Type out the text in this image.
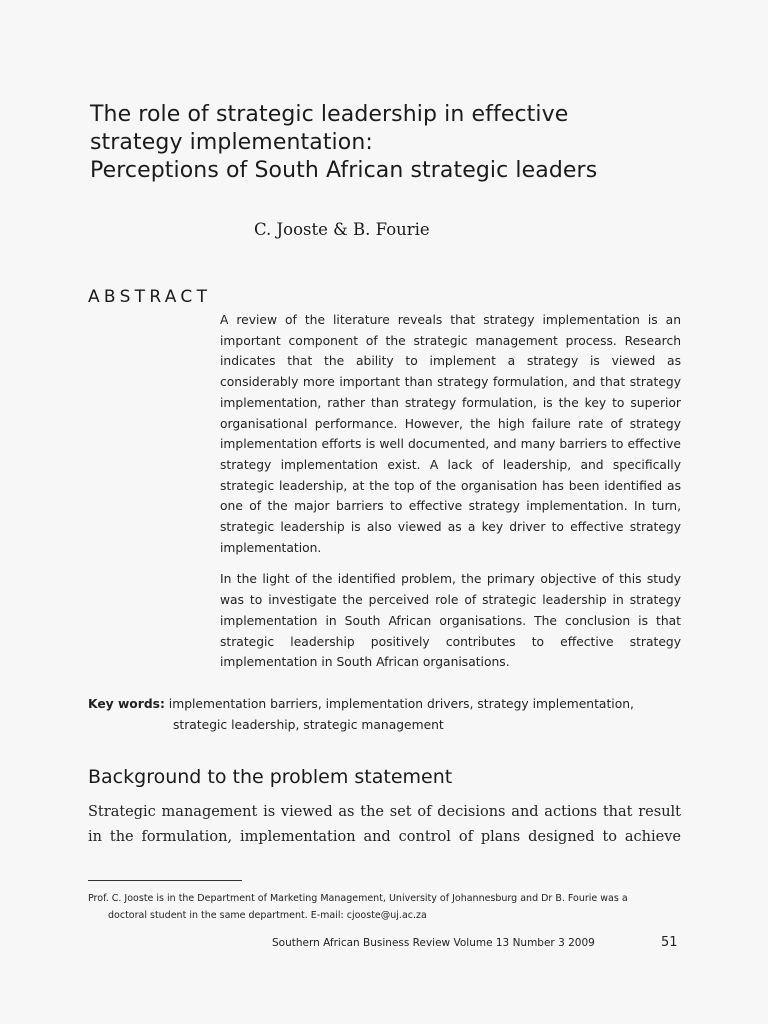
The role of strategic leadership in effective
strategy implementation:
Perceptions of South African strategic leaders
C. Jooste & B. Fourie
ABSTRACT

A review of the literature reveals that strategy implementation is an important component of the strategic management process. Research indicates that the ability to implement a strategy is viewed as considerably more important than strategy formulation, and that strategy implementation, rather than strategy formulation, is the key to superior organisational performance. However, the high failure rate of strategy implementation efforts is well documented, and many barriers to effective strategy implementation exist. A lack of leadership, and specifically strategic leadership, at the top of the organisation has been identified as one of the major barriers to effective strategy implementation. In turn, strategic leadership is also viewed as a key driver to effective strategy implementation.

In the light of the identified problem, the primary objective of this study was to investigate the perceived role of strategic leadership in strategy implementation in South African organisations. The conclusion is that strategic leadership positively contributes to effective strategy implementation in South African organisations.

Key words: implementation barriers, implementation drivers, strategy implementation,
strategic leadership, strategic management
Background to the problem statement

Strategic management is viewed as the set of decisions and actions that result in the formulation, implementation and control of plans designed to achieve

Prof. C. Jooste is in the Department of Marketing Management, University of Johannesburg and Dr B. Fourie was a
doctoral student in the same department. E-mail: cjooste@uj.ac.za

Southern African Business Review Volume 13 Number 3 2009	51
